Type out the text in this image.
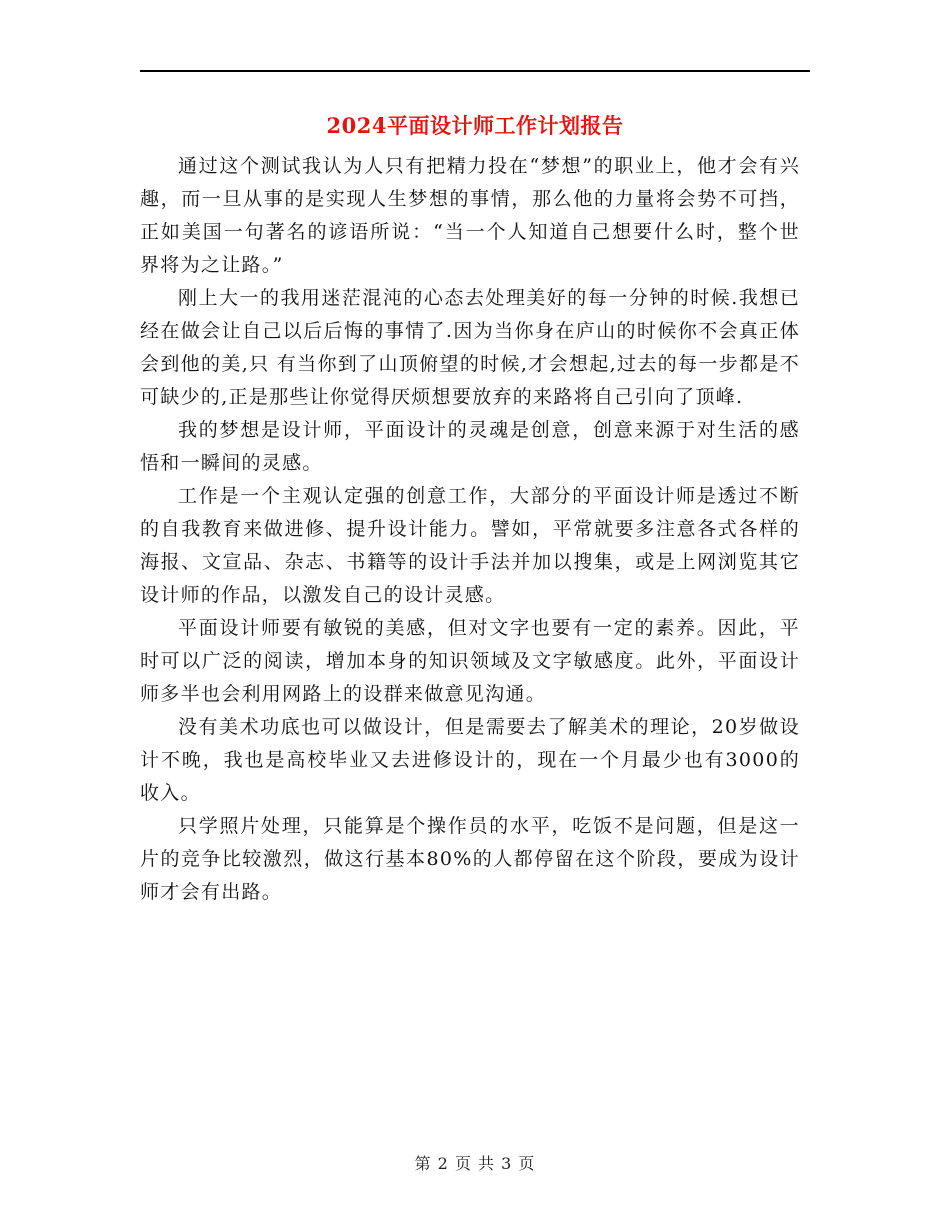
2024平面设计师工作计划报告

通过这个测试我认为人只有把精力投在“梦想”的职业上，他才会有兴趣，而一旦从事的是实现人生梦想的事情，那么他的力量将会势不可挡，正如美国一句著名的谚语所说：“当一个人知道自己想要什么时，整个世界将为之让路。”

刚上大一的我用迷茫混沌的心态去处理美好的每一分钟的时候.我想已经在做会让自己以后后悔的事情了.因为当你身在庐山的时候你不会真正体会到他的美,只 有当你到了山顶俯望的时候,才会想起,过去的每一步都是不可缺少的,正是那些让你觉得厌烦想要放弃的来路将自己引向了顶峰.

我的梦想是设计师，平面设计的灵魂是创意，创意来源于对生活的感悟和一瞬间的灵感。

工作是一个主观认定强的创意工作，大部分的平面设计师是透过不断的自我教育来做进修、提升设计能力。譬如，平常就要多注意各式各样的海报、文宣品、杂志、书籍等的设计手法并加以搜集，或是上网浏览其它设计师的作品，以激发自己的设计灵感。

平面设计师要有敏锐的美感，但对文字也要有一定的素养。因此，平时可以广泛的阅读，增加本身的知识领域及文字敏感度。此外，平面设计师多半也会利用网路上的设群来做意见沟通。

没有美术功底也可以做设计，但是需要去了解美术的理论，20岁做设计不晚，我也是高校毕业又去进修设计的，现在一个月最少也有3000的收入。

只学照片处理，只能算是个操作员的水平，吃饭不是问题，但是这一片的竞争比较激烈，做这行基本80%的人都停留在这个阶段，要成为设计师才会有出路。

第 2 页 共 3 页
